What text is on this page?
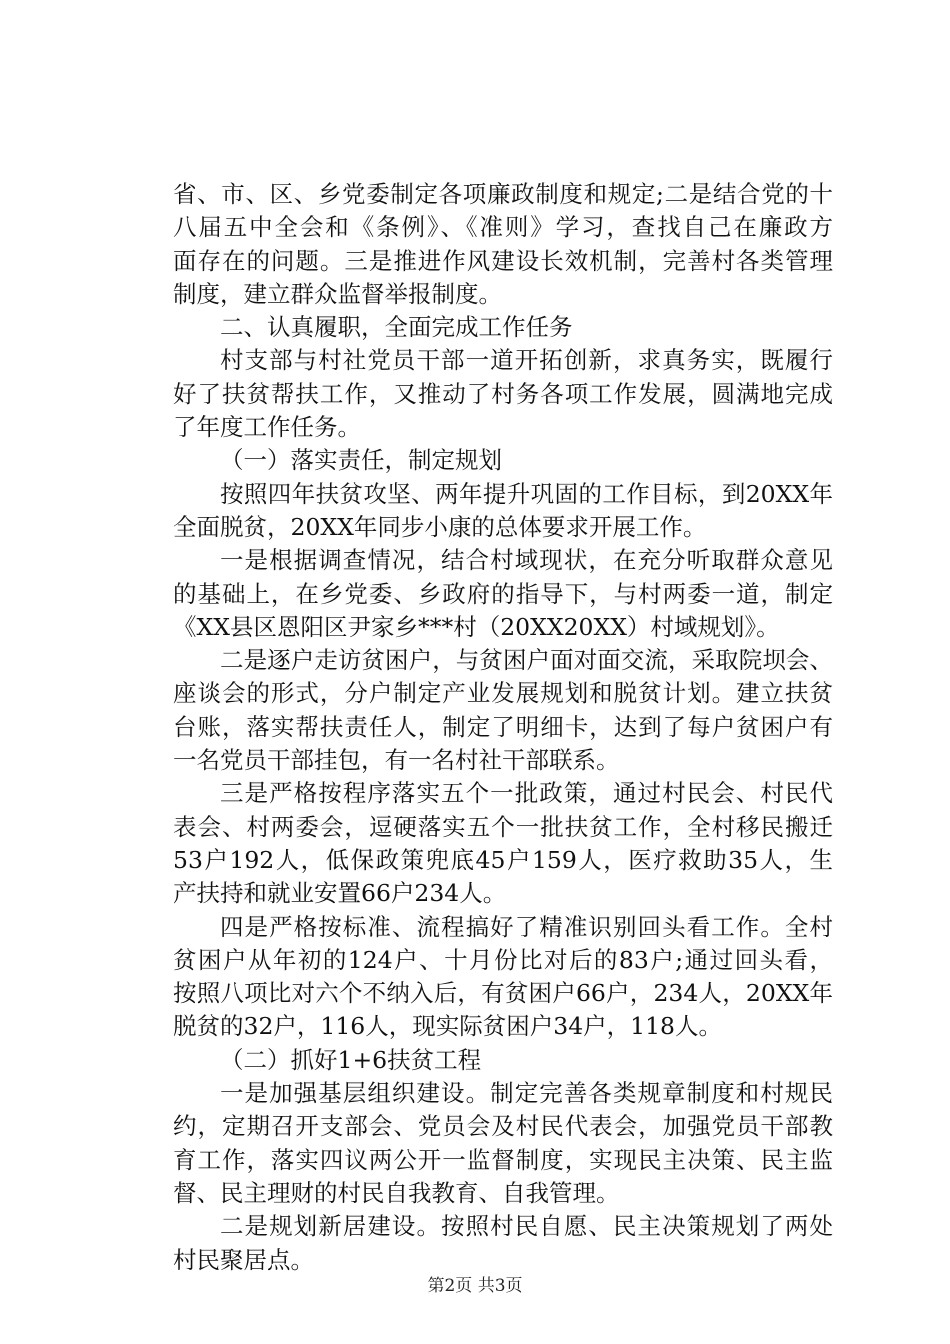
省、市、区、乡党委制定各项廉政制度和规定;二是结合党的十
八届五中全会和《条例》、《准则》学习，查找自己在廉政方
面存在的问题。三是推进作风建设长效机制，完善村各类管理
制度，建立群众监督举报制度。
二、认真履职，全面完成工作任务
村支部与村社党员干部一道开拓创新，求真务实，既履行
好了扶贫帮扶工作，又推动了村务各项工作发展，圆满地完成
了年度工作任务。
（一）落实责任，制定规划
按照四年扶贫攻坚、两年提升巩固的工作目标，到20XX年
全面脱贫，20XX年同步小康的总体要求开展工作。
一是根据调查情况，结合村域现状，在充分听取群众意见
的基础上，在乡党委、乡政府的指导下，与村两委一道，制定
《XX县区恩阳区尹家乡***村（20XX20XX）村域规划》。
二是逐户走访贫困户，与贫困户面对面交流，采取院坝会、
座谈会的形式，分户制定产业发展规划和脱贫计划。建立扶贫
台账，落实帮扶责任人，制定了明细卡，达到了每户贫困户有
一名党员干部挂包，有一名村社干部联系。
三是严格按程序落实五个一批政策，通过村民会、村民代
表会、村两委会，逗硬落实五个一批扶贫工作，全村移民搬迁
53户192人，低保政策兜底45户159人，医疗救助35人，生
产扶持和就业安置66户234人。
四是严格按标准、流程搞好了精准识别回头看工作。全村
贫困户从年初的124户、十月份比对后的83户;通过回头看，
按照八项比对六个不纳入后，有贫困户66户，234人，20XX年
脱贫的32户，116人，现实际贫困户34户，118人。
（二）抓好1+6扶贫工程
一是加强基层组织建设。制定完善各类规章制度和村规民
约，定期召开支部会、党员会及村民代表会，加强党员干部教
育工作，落实四议两公开一监督制度，实现民主决策、民主监
督、民主理财的村民自我教育、自我管理。
二是规划新居建设。按照村民自愿、民主决策规划了两处
村民聚居点。
第2页 共3页
